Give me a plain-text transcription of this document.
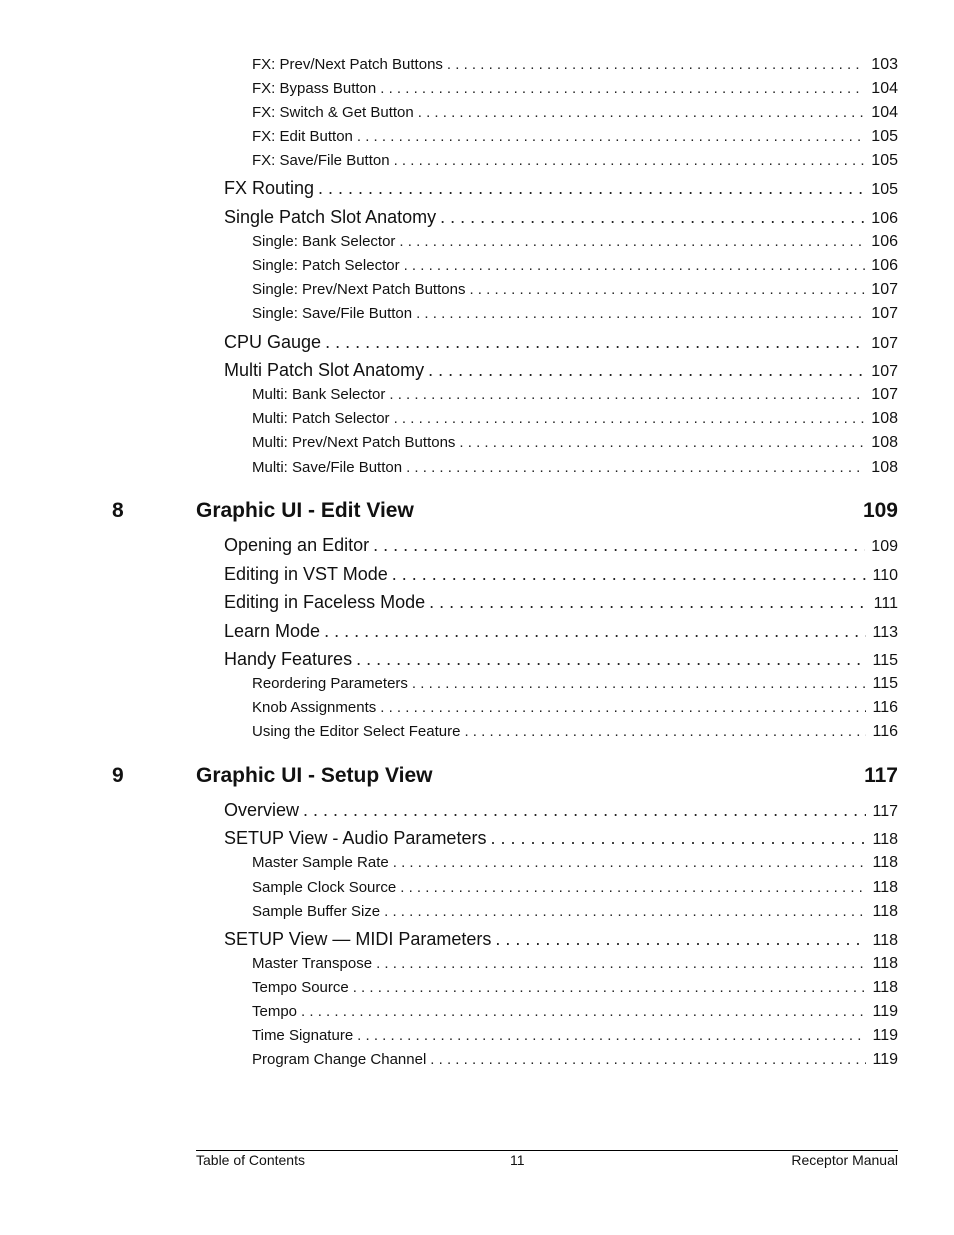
FX: Prev/Next Patch Buttons . . .	103
FX: Bypass Button . . .	104
FX: Switch & Get Button . . .	104
FX: Edit Button . . .	105
FX: Save/File Button . . .	105
FX Routing . . .	105
Single Patch Slot Anatomy . . .	106
Single: Bank Selector . . .	106
Single: Patch Selector . . .	106
Single: Prev/Next Patch Buttons . . .	107
Single: Save/File Button . . .	107
CPU Gauge . . .	107
Multi Patch Slot Anatomy . . .	107
Multi: Bank Selector . . .	107
Multi: Patch Selector . . .	108
Multi: Prev/Next Patch Buttons . . .	108
Multi: Save/File Button . . .	108
8	Graphic UI - Edit View	109
Opening an Editor . . .	109
Editing in VST Mode . . .	110
Editing in Faceless Mode . . .	111
Learn Mode . . .	113
Handy Features . . .	115
Reordering Parameters . . .	115
Knob Assignments . . .	116
Using the Editor Select Feature . . .	116
9	Graphic UI - Setup View	117
Overview . . .	117
SETUP View - Audio Parameters . . .	118
Master Sample Rate . . .	118
Sample Clock Source . . .	118
Sample Buffer Size . . .	118
SETUP View — MIDI Parameters . . .	118
Master Transpose . . .	118
Tempo Source . . .	118
Tempo . . .	119
Time Signature . . .	119
Program Change Channel . . .	119
Table of Contents	11	Receptor Manual
